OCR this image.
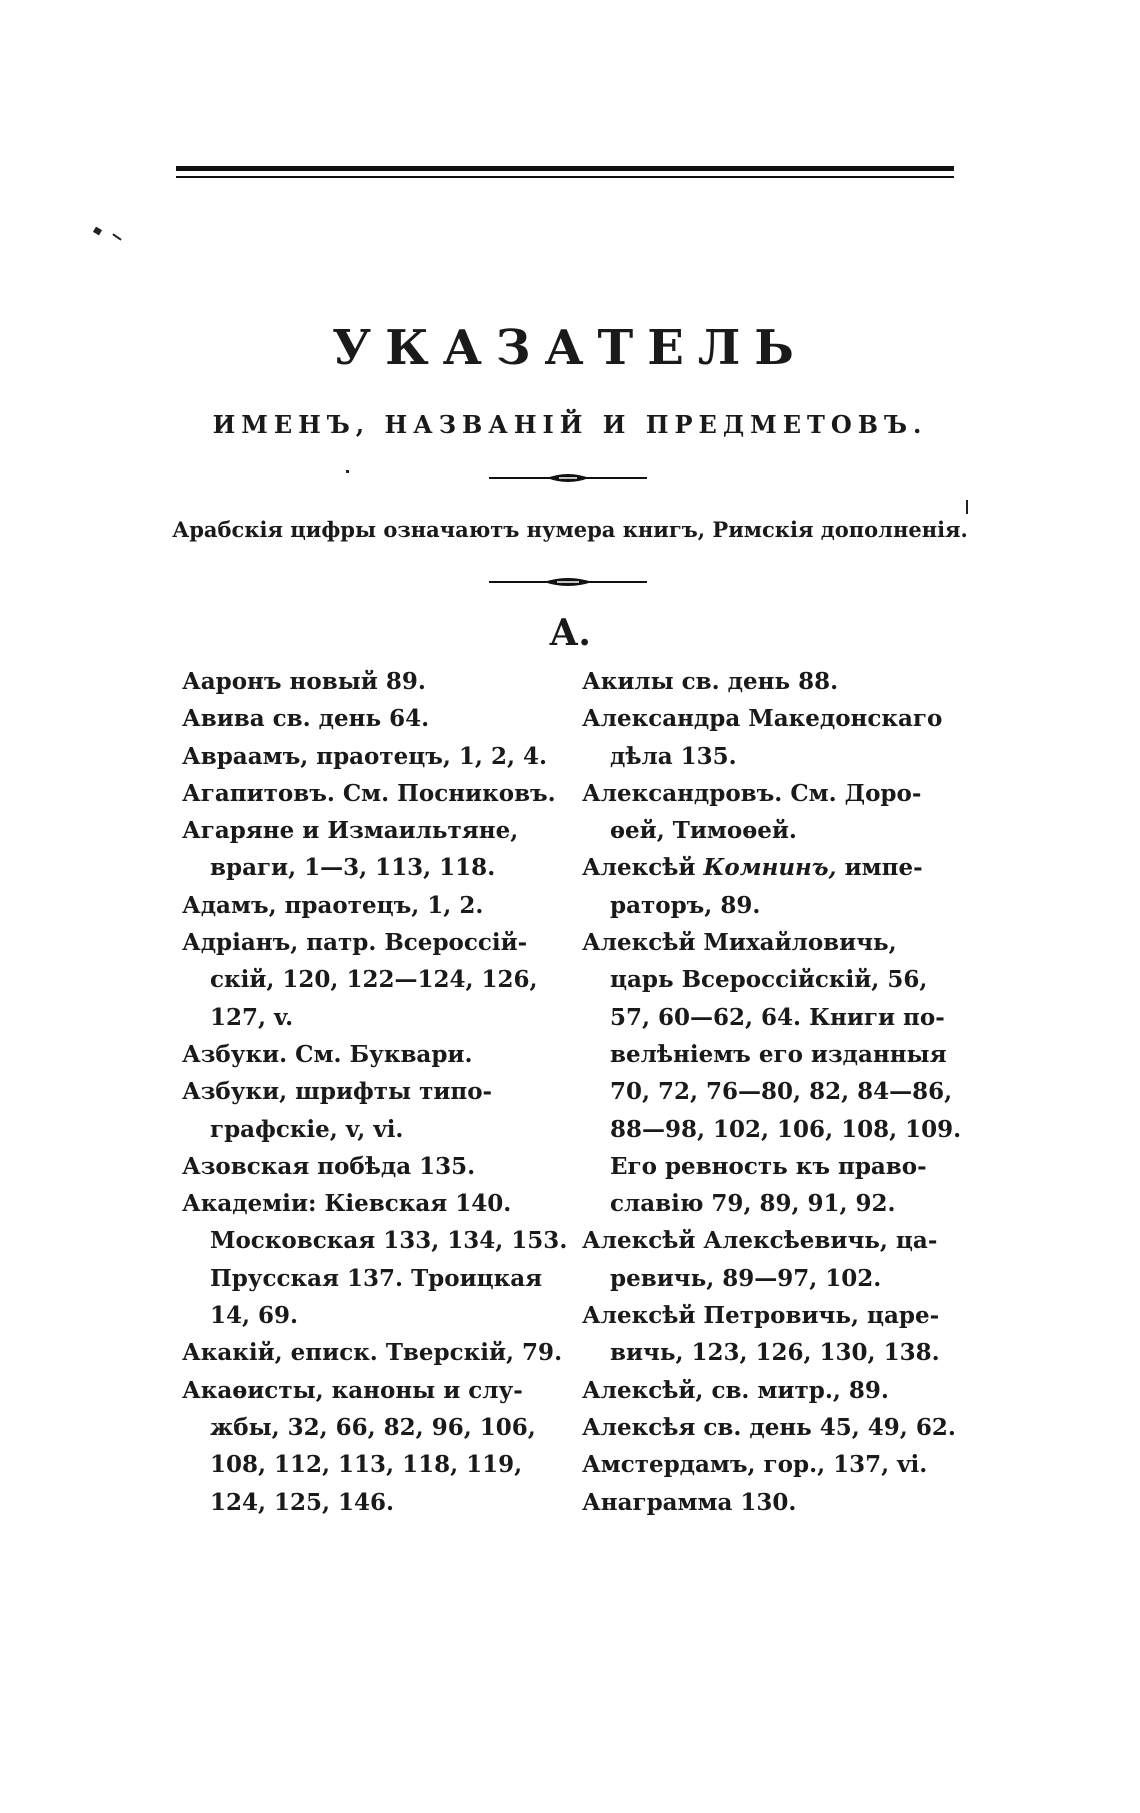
УКАЗАТЕЛЬ
ИМЕНЪ, НАЗВАНІЙ И ПРЕДМЕТОВЪ.
Арабскія цифры означаютъ нумера книгъ, Римскія дополненія.
А.
Ааронъ новый 89.
Авива св. день 64.
Авраамъ, праотецъ, 1, 2, 4.
Агапитовъ. См. Посниковъ.
Агаряне и Измаильтяне,
враги, 1—3, 113, 118.
Адамъ, праотецъ, 1, 2.
Адріанъ, патр. Всероссій-
скій, 120, 122—124, 126,
127, v.
Азбуки. См. Буквари.
Азбуки, шрифты типо-
графскіе, v, vi.
Азовская побѣда 135.
Академіи: Кіевская 140.
Московская 133, 134, 153.
Прусская 137. Троицкая
14, 69.
Акакій, еписк. Тверскій, 79.
Акаѳисты, каноны и слу-
жбы, 32, 66, 82, 96, 106,
108, 112, 113, 118, 119,
124, 125, 146.
Акилы св. день 88.
Александра Македонскаго
дѣла 135.
Александровъ. См. Доро-
ѳей, Тимоѳей.
Алексѣй Комнинъ, импе-
раторъ, 89.
Алексѣй Михайловичь,
царь Всероссійскій, 56,
57, 60—62, 64. Книги по-
велѣніемъ его изданныя
70, 72, 76—80, 82, 84—86,
88—98, 102, 106, 108, 109.
Его ревность къ право-
славію 79, 89, 91, 92.
Алексѣй Алексѣевичь, ца-
ревичь, 89—97, 102.
Алексѣй Петровичь, царе-
вичь, 123, 126, 130, 138.
Алексѣй, св. митр., 89.
Алексѣя св. день 45, 49, 62.
Амстердамъ, гор., 137, vi.
Анаграмма 130.
